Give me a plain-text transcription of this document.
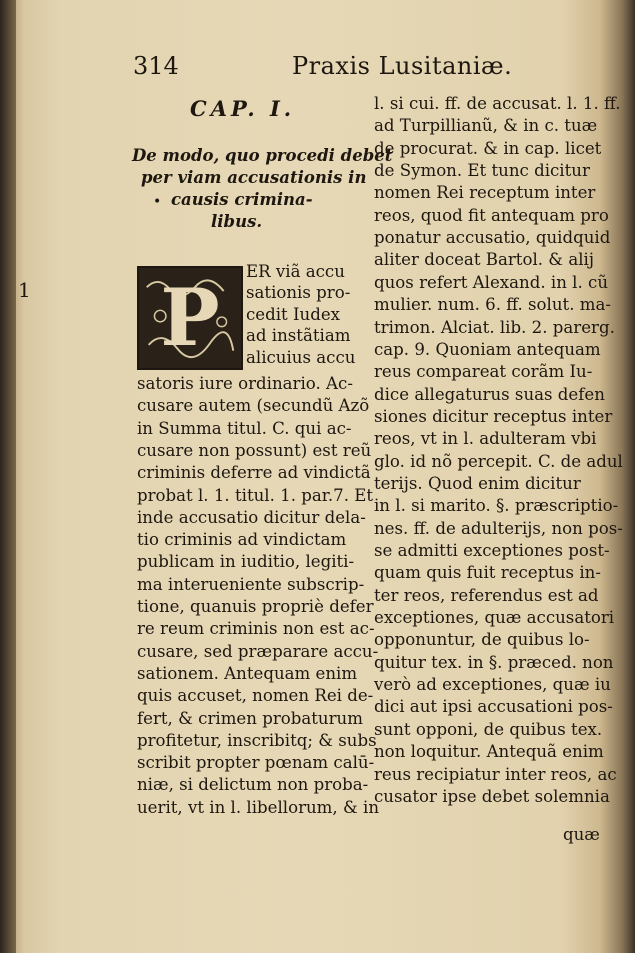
314	Praxis Lusitaniæ.
CAP. I.
De modo, quo procedi debet
per viam accusationis in
causis crimina-
libus.
•
1 P ER viã accu
sationis pro-
cedit Iudex
ad instãtiam
alicuius accu
satoris iure ordinario. Ac-
cusare autem (secundũ Azõ
in Summa titul. C. qui ac-
cusare non possunt) est reũ
criminis deferre ad vindictã
probat l. 1. titul. 1. par.7. Et
inde accusatio dicitur dela-
tio criminis ad vindictam
publicam in iuditio, legiti-
ma interueniente subscrip-
tione, quanuis propriè defer
re reum criminis non est ac-
cusare, sed præparare accu-
sationem. Antequam enim
quis accuset, nomen Rei de-
fert, & crimen probaturum
profitetur, inscribitq; & subs
scribit propter pœnam calū-
niæ, si delictum non proba-
uerit, vt in l. libellorum, & in
l. si cui. ff. de accusat. l. 1. ff.
ad Turpillianũ, & in c. tuæ
de procurat. & in cap. licet
de Symon. Et tunc dicitur
nomen Rei receptum inter
reos, quod fit antequam pro
ponatur accusatio, quidquid
aliter doceat Bartol. & alij
quos refert Alexand. in l. cũ
mulier. num. 6. ff. solut. ma-
trimon. Alciat. lib. 2. parerg.
cap. 9. Quoniam antequam
reus compareat corãm Iu-
dice allegaturus suas defen
siones dicitur receptus inter
reos, vt in l. adulteram vbi
glo. id nõ percepit. C. de adul
terijs. Quod enim dicitur
in l. si marito. §. præscriptio-
nes. ff. de adulterijs, non pos-
se admitti exceptiones post-
quam quis fuit receptus in-
ter reos, referendus est ad
exceptiones, quæ accusatori
opponuntur, de quibus lo-
quitur tex. in §. præced. non
verò ad exceptiones, quæ iu
dici aut ipsi accusationi pos-
sunt opponi, de quibus tex.
non loquitur. Antequã enim
reus recipiatur inter reos, ac
cusator ipse debet solemnia
quæ
